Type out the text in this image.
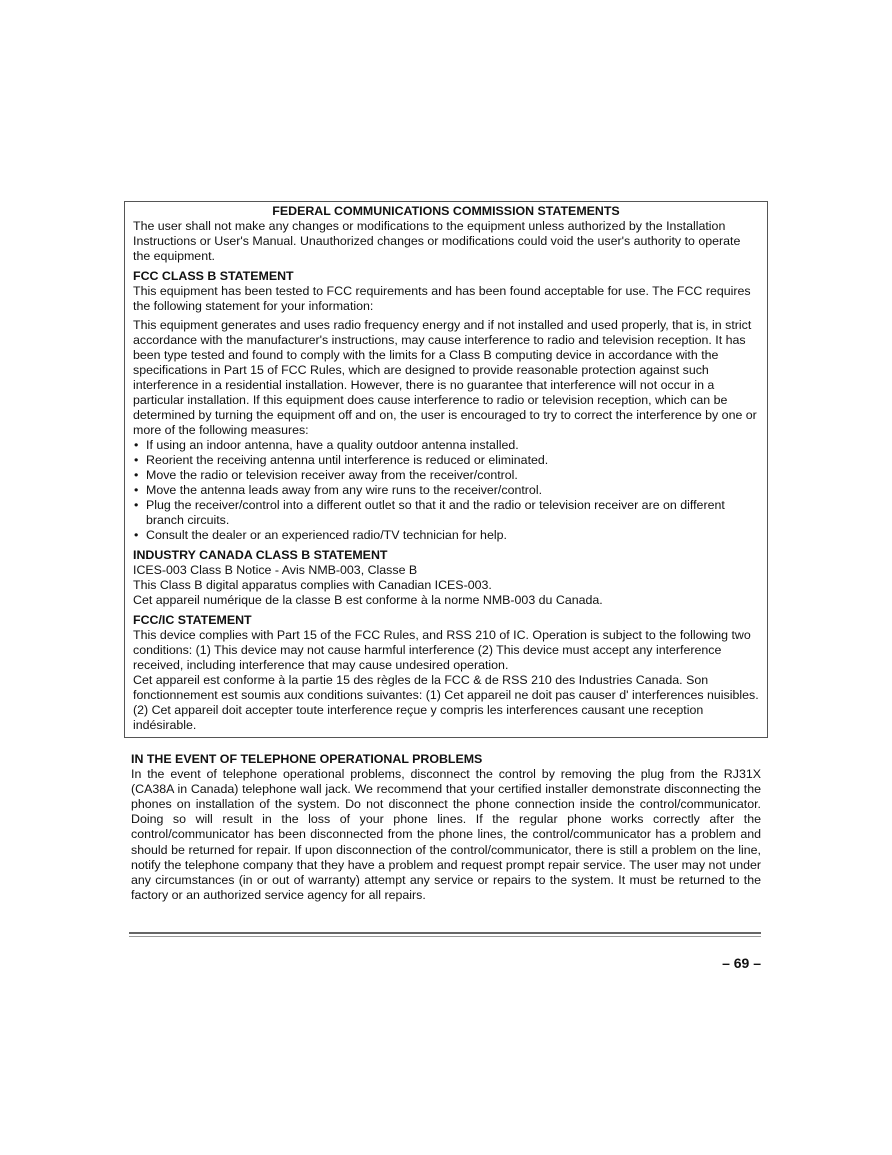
FEDERAL COMMUNICATIONS COMMISSION STATEMENTS

The user shall not make any changes or modifications to the equipment unless authorized by the Installation Instructions or User's Manual. Unauthorized changes or modifications could void the user's authority to operate the equipment.

FCC CLASS B STATEMENT

This equipment has been tested to FCC requirements and has been found acceptable for use. The FCC requires the following statement for your information:

This equipment generates and uses radio frequency energy and if not installed and used properly, that is, in strict accordance with the manufacturer's instructions, may cause interference to radio and television reception. It has been type tested and found to comply with the limits for a Class B computing device in accordance with the specifications in Part 15 of FCC Rules, which are designed to provide reasonable protection against such interference in a residential installation. However, there is no guarantee that interference will not occur in a particular installation. If this equipment does cause interference to radio or television reception, which can be determined by turning the equipment off and on, the user is encouraged to try to correct the interference by one or more of the following measures:

• If using an indoor antenna, have a quality outdoor antenna installed.
• Reorient the receiving antenna until interference is reduced or eliminated.
• Move the radio or television receiver away from the receiver/control.
• Move the antenna leads away from any wire runs to the receiver/control.
• Plug the receiver/control into a different outlet so that it and the radio or television receiver are on different branch circuits.
• Consult the dealer or an experienced radio/TV technician for help.

INDUSTRY CANADA CLASS B STATEMENT

ICES-003 Class B Notice - Avis NMB-003, Classe B

This Class B digital apparatus complies with Canadian ICES-003.

Cet appareil numérique de la classe B est conforme à la norme NMB-003 du Canada.

FCC/IC STATEMENT

This device complies with Part 15 of the FCC Rules, and RSS 210 of IC. Operation is subject to the following two conditions: (1) This device may not cause harmful interference (2) This device must accept any interference received, including interference that may cause undesired operation.

Cet appareil est conforme à la partie 15 des règles de la FCC & de RSS 210 des Industries Canada. Son fonctionnement est soumis aux conditions suivantes: (1) Cet appareil ne doit pas causer d' interferences nuisibles. (2) Cet appareil doit accepter toute interference reçue y compris les interferences causant une reception indésirable.

IN THE EVENT OF TELEPHONE OPERATIONAL PROBLEMS

In the event of telephone operational problems, disconnect the control by removing the plug from the RJ31X (CA38A in Canada) telephone wall jack. We recommend that your certified installer demonstrate disconnecting the phones on installation of the system. Do not disconnect the phone connection inside the control/communicator. Doing so will result in the loss of your phone lines. If the regular phone works correctly after the control/communicator has been disconnected from the phone lines, the control/communicator has a problem and should be returned for repair. If upon disconnection of the control/communicator, there is still a problem on the line, notify the telephone company that they have a problem and request prompt repair service. The user may not under any circumstances (in or out of warranty) attempt any service or repairs to the system. It must be returned to the factory or an authorized service agency for all repairs.

– 69 –
